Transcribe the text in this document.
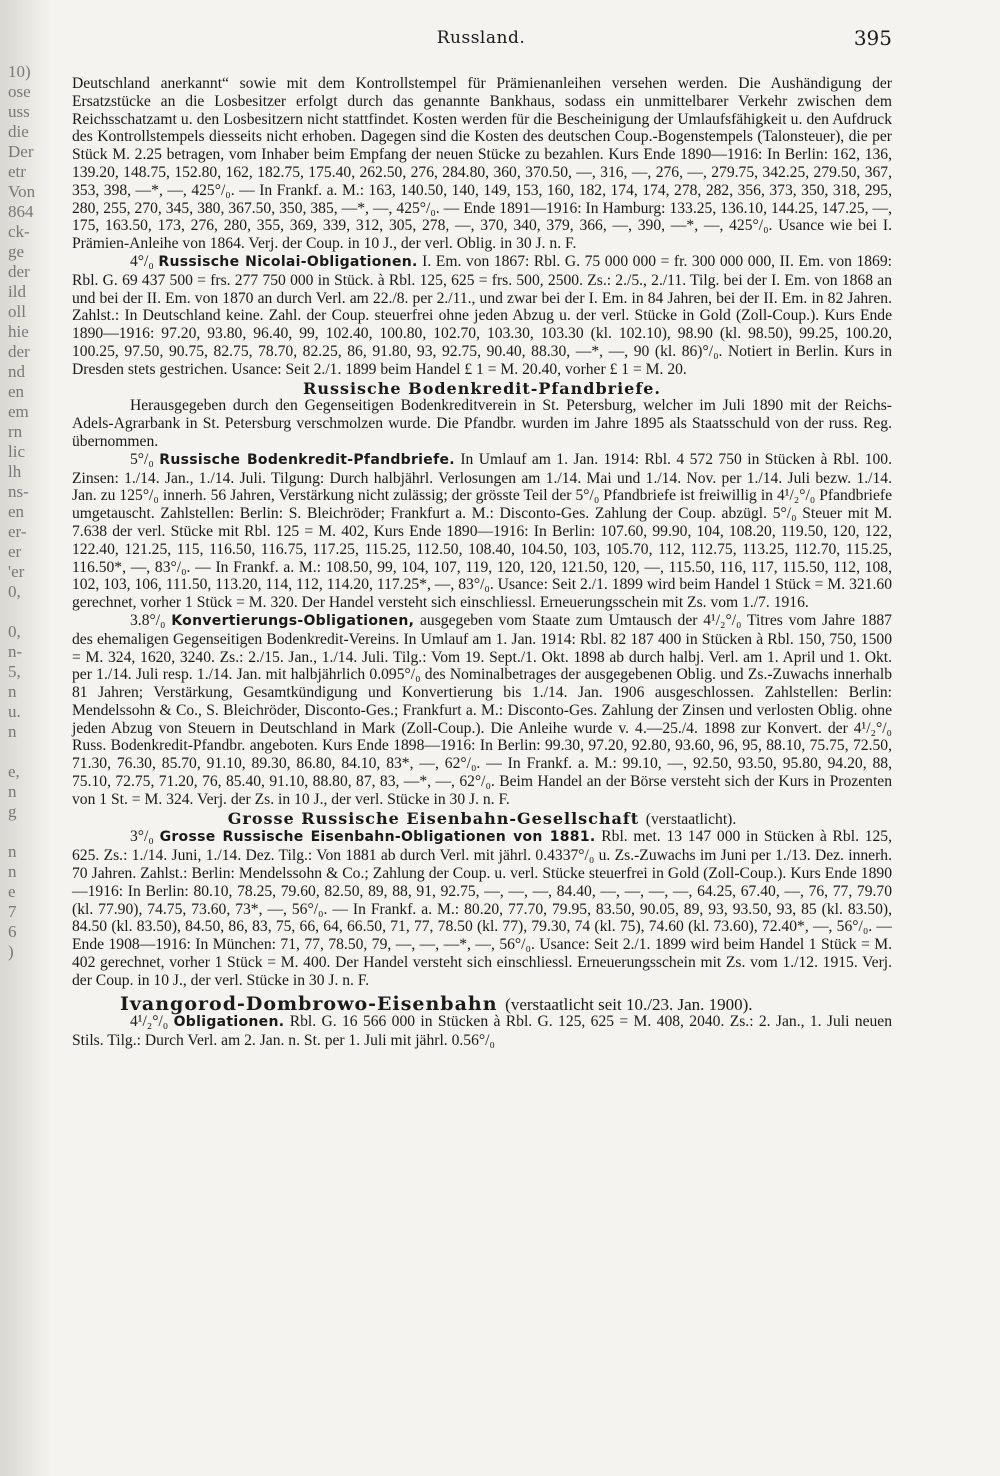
10)
ose
uss
die
Der
etr
Von
864
ck-
ge
der
ild
oll
hie
der
nd
en
em
rn
lic
lh
ns-
en
er-
er
'er
0,

0,
n-
5,
n
u.
n

e,
n
g

n
n
e
7
6
)
Russland.	395

Deutschland anerkannt“ sowie mit dem Kontrollstempel für Prämienanleihen versehen werden. Die Aushändigung der Ersatzstücke an die Losbesitzer erfolgt durch das genannte Bankhaus, sodass ein unmittelbarer Verkehr zwischen dem Reichsschatzamt u. den Losbesitzern nicht stattfindet. Kosten werden für die Bescheinigung der Umlaufsfähigkeit u. den Aufdruck des Kontrollstempels diesseits nicht erhoben. Dagegen sind die Kosten des deutschen Coup.-Bogenstempels (Talonsteuer), die per Stück M. 2.25 betragen, vom Inhaber beim Empfang der neuen Stücke zu bezahlen. Kurs Ende 1890—1916: In Berlin: 162, 136, 139.20, 148.75, 152.80, 162, 182.75, 175.40, 262.50, 276, 284.80, 360, 370.50, —, 316, —, 276, —, 279.75, 342.25, 279.50, 367, 353, 398, —*, —, 425°/₀. — In Frankf. a. M.: 163, 140.50, 140, 149, 153, 160, 182, 174, 174, 278, 282, 356, 373, 350, 318, 295, 280, 255, 270, 345, 380, 367.50, 350, 385, —*, —, 425°/₀. — Ende 1891—1916: In Hamburg: 133.25, 136.10, 144.25, 147.25, —, 175, 163.50, 173, 276, 280, 355, 369, 339, 312, 305, 278, —, 370, 340, 379, 366, —, 390, —*, —, 425°/₀. Usance wie bei I. Prämien-Anleihe von 1864. Verj. der Coup. in 10 J., der verl. Oblig. in 30 J. n. F.

4°/₀ Russische Nicolai-Obligationen. I. Em. von 1867: Rbl. G. 75 000 000 = fr. 300 000 000, II. Em. von 1869: Rbl. G. 69 437 500 = frs. 277 750 000 in Stück. à Rbl. 125, 625 = frs. 500, 2500. Zs.: 2./5., 2./11. Tilg. bei der I. Em. von 1868 an und bei der II. Em. von 1870 an durch Verl. am 22./8. per 2./11., und zwar bei der I. Em. in 84 Jahren, bei der II. Em. in 82 Jahren. Zahlst.: In Deutschland keine. Zahl. der Coup. steuerfrei ohne jeden Abzug u. der verl. Stücke in Gold (Zoll-Coup.). Kurs Ende 1890—1916: 97.20, 93.80, 96.40, 99, 102.40, 100.80, 102.70, 103.30, 103.30 (kl. 102.10), 98.90 (kl. 98.50), 99.25, 100.20, 100.25, 97.50, 90.75, 82.75, 78.70, 82.25, 86, 91.80, 93, 92.75, 90.40, 88.30, —*, —, 90 (kl. 86)°/₀. Notiert in Berlin. Kurs in Dresden stets gestrichen. Usance: Seit 2./1. 1899 beim Handel £ 1 = M. 20.40, vorher £ 1 = M. 20.

Russische Bodenkredit-Pfandbriefe.

Herausgegeben durch den Gegenseitigen Bodenkreditverein in St. Petersburg, welcher im Juli 1890 mit der Reichs-Adels-Agrarbank in St. Petersburg verschmolzen wurde. Die Pfandbr. wurden im Jahre 1895 als Staatsschuld von der russ. Reg. übernommen.

5°/₀ Russische Bodenkredit-Pfandbriefe. In Umlauf am 1. Jan. 1914: Rbl. 4 572 750 in Stücken à Rbl. 100. Zinsen: 1./14. Jan., 1./14. Juli. Tilgung: Durch halbjährl. Verlosungen am 1./14. Mai und 1./14. Nov. per 1./14. Juli bezw. 1./14. Jan. zu 125°/₀ innerh. 56 Jahren, Verstärkung nicht zulässig; der grösste Teil der 5°/₀ Pfandbriefe ist freiwillig in 4¹/₂°/₀ Pfandbriefe umgetauscht. Zahlstellen: Berlin: S. Bleichröder; Frankfurt a. M.: Disconto-Ges. Zahlung der Coup. abzügl. 5°/₀ Steuer mit M. 7.638 der verl. Stücke mit Rbl. 125 = M. 402, Kurs Ende 1890—1916: In Berlin: 107.60, 99.90, 104, 108.20, 119.50, 120, 122, 122.40, 121.25, 115, 116.50, 116.75, 117.25, 115.25, 112.50, 108.40, 104.50, 103, 105.70, 112, 112.75, 113.25, 112.70, 115.25, 116.50*, —, 83°/₀. — In Frankf. a. M.: 108.50, 99, 104, 107, 119, 120, 120, 121.50, 120, —, 115.50, 116, 117, 115.50, 112, 108, 102, 103, 106, 111.50, 113.20, 114, 112, 114.20, 117.25*, —, 83°/₀. Usance: Seit 2./1. 1899 wird beim Handel 1 Stück = M. 321.60 gerechnet, vorher 1 Stück = M. 320. Der Handel versteht sich einschliessl. Erneuerungsschein mit Zs. vom 1./7. 1916.

3.8°/₀ Konvertierungs-Obligationen, ausgegeben vom Staate zum Umtausch der 4¹/₂°/₀ Titres vom Jahre 1887 des ehemaligen Gegenseitigen Bodenkredit-Vereins. In Umlauf am 1. Jan. 1914: Rbl. 82 187 400 in Stücken à Rbl. 150, 750, 1500 = M. 324, 1620, 3240. Zs.: 2./15. Jan., 1./14. Juli. Tilg.: Vom 19. Sept./1. Okt. 1898 ab durch halbj. Verl. am 1. April und 1. Okt. per 1./14. Juli resp. 1./14. Jan. mit halbjährlich 0.095°/₀ des Nominalbetrages der ausgegebenen Oblig. und Zs.-Zuwachs innerhalb 81 Jahren; Verstärkung, Gesamtkündigung und Konvertierung bis 1./14. Jan. 1906 ausgeschlossen. Zahlstellen: Berlin: Mendelssohn & Co., S. Bleichröder, Disconto-Ges.; Frankfurt a. M.: Disconto-Ges. Zahlung der Zinsen und verlosten Oblig. ohne jeden Abzug von Steuern in Deutschland in Mark (Zoll-Coup.). Die Anleihe wurde v. 4.—25./4. 1898 zur Konvert. der 4¹/₂°/₀ Russ. Bodenkredit-Pfandbr. angeboten. Kurs Ende 1898—1916: In Berlin: 99.30, 97.20, 92.80, 93.60, 96, 95, 88.10, 75.75, 72.50, 71.30, 76.30, 85.70, 91.10, 89.30, 86.80, 84.10, 83*, —, 62°/₀. — In Frankf. a. M.: 99.10, —, 92.50, 93.50, 95.80, 94.20, 88, 75.10, 72.75, 71.20, 76, 85.40, 91.10, 88.80, 87, 83, —*, —, 62°/₀. Beim Handel an der Börse versteht sich der Kurs in Prozenten von 1 St. = M. 324. Verj. der Zs. in 10 J., der verl. Stücke in 30 J. n. F.

Grosse Russische Eisenbahn-Gesellschaft (verstaatlicht).

3°/₀ Grosse Russische Eisenbahn-Obligationen von 1881. Rbl. met. 13 147 000 in Stücken à Rbl. 125, 625. Zs.: 1./14. Juni, 1./14. Dez. Tilg.: Von 1881 ab durch Verl. mit jährl. 0.4337°/₀ u. Zs.-Zuwachs im Juni per 1./13. Dez. innerh. 70 Jahren. Zahlst.: Berlin: Mendelssohn & Co.; Zahlung der Coup. u. verl. Stücke steuerfrei in Gold (Zoll-Coup.). Kurs Ende 1890—1916: In Berlin: 80.10, 78.25, 79.60, 82.50, 89, 88, 91, 92.75, —, —, —, 84.40, —, —, —, —, 64.25, 67.40, —, 76, 77, 79.70 (kl. 77.90), 74.75, 73.60, 73*, —, 56°/₀. — In Frankf. a. M.: 80.20, 77.70, 79.95, 83.50, 90.05, 89, 93, 93.50, 93, 85 (kl. 83.50), 84.50 (kl. 83.50), 84.50, 86, 83, 75, 66, 64, 66.50, 71, 77, 78.50 (kl. 77), 79.30, 74 (kl. 75), 74.60 (kl. 73.60), 72.40*, —, 56°/₀. — Ende 1908—1916: In München: 71, 77, 78.50, 79, —, —, —*, —, 56°/₀. Usance: Seit 2./1. 1899 wird beim Handel 1 Stück = M. 402 gerechnet, vorher 1 Stück = M. 400. Der Handel versteht sich einschliessl. Erneuerungsschein mit Zs. vom 1./12. 1915. Verj. der Coup. in 10 J., der verl. Stücke in 30 J. n. F.

Ivangorod-Dombrowo-Eisenbahn (verstaatlicht seit 10./23. Jan. 1900).

4¹/₂°/₀ Obligationen. Rbl. G. 16 566 000 in Stücken à Rbl. G. 125, 625 = M. 408, 2040. Zs.: 2. Jan., 1. Juli neuen Stils. Tilg.: Durch Verl. am 2. Jan. n. St. per 1. Juli mit jährl. 0.56°/₀
